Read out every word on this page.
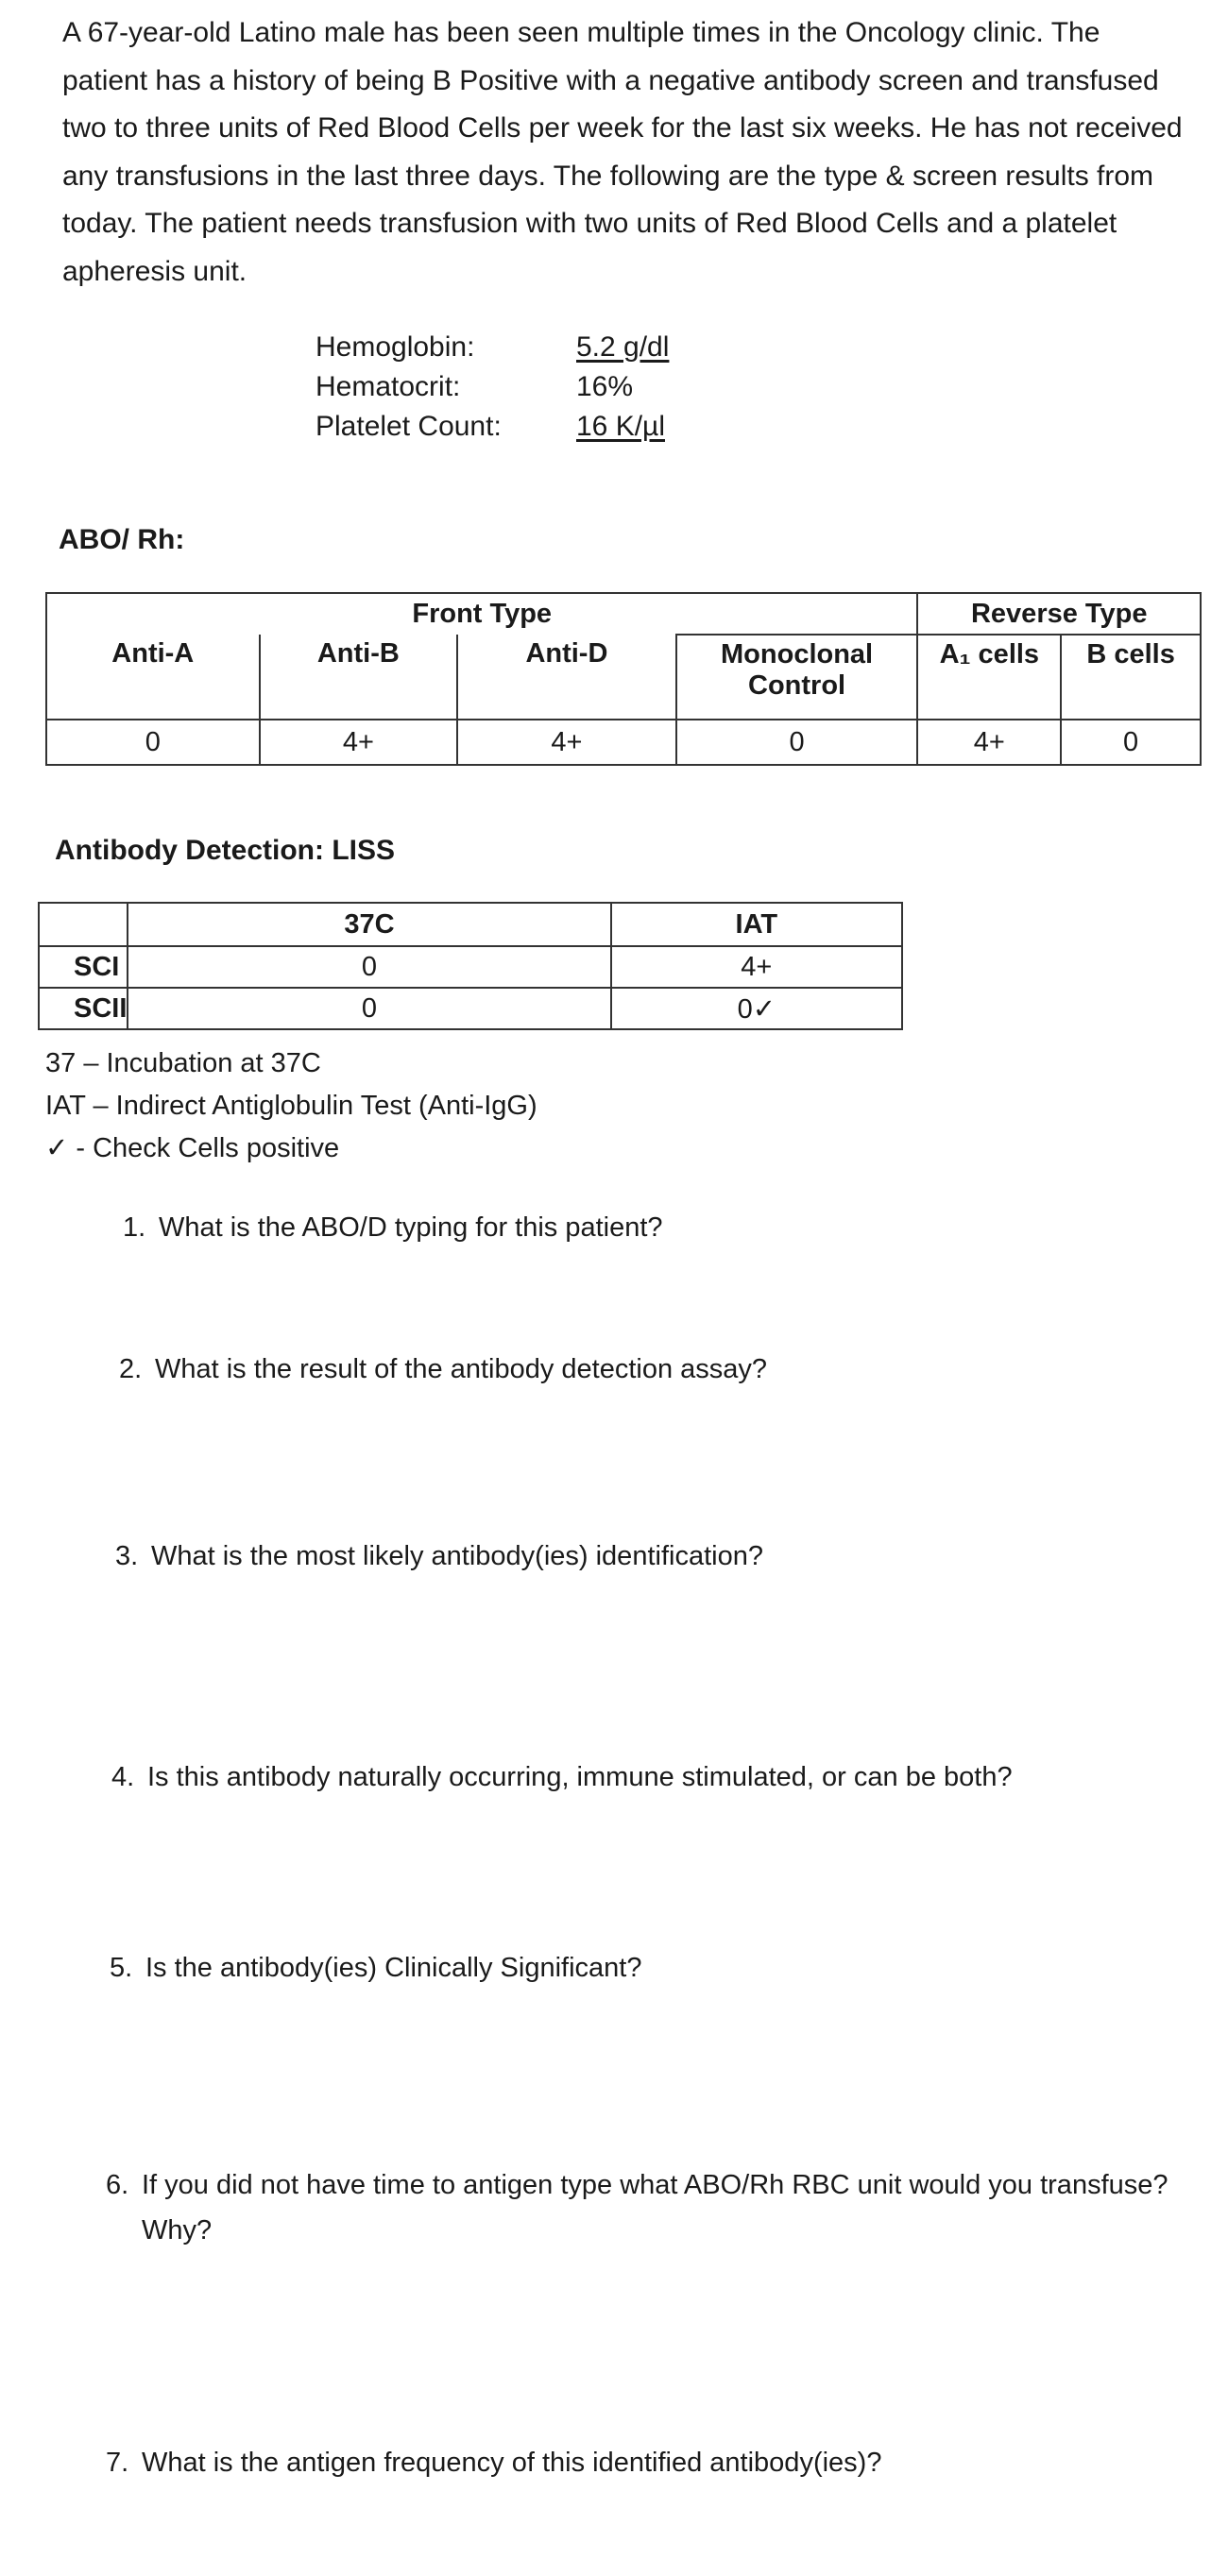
A 67-year-old Latino male has been seen multiple times in the Oncology clinic. The patient has a history of being B Positive with a negative antibody screen and transfused two to three units of Red Blood Cells per week for the last six weeks. He has not received any transfusions in the last three days. The following are the type & screen results from today. The patient needs transfusion with two units of Red Blood Cells and a platelet apheresis unit.

Hemoglobin:	5.2 g/dl
Hematocrit:	16%
Platelet Count:	16 K/µl
ABO/ Rh:
Front Type				Reverse Type	
Anti-A	Anti-B	Anti-D	Monoclonal Control	A₁ cells	B cells
0	4+	4+	0	4+	0
Antibody Detection: LISS
	37C	IAT
SCI	0	4+
SCII	0	0✓
37 – Incubation at 37C
IAT – Indirect Antiglobulin Test (Anti-IgG)
✓ - Check Cells positive
1. What is the ABO/D typing for this patient?
2. What is the result of the antibody detection assay?
3. What is the most likely antibody(ies) identification?
4. Is this antibody naturally occurring, immune stimulated, or can be both?
5. Is the antibody(ies) Clinically Significant?
6. If you did not have time to antigen type what ABO/Rh RBC unit would you transfuse? Why?
7. What is the antigen frequency of this identified antibody(ies)?
